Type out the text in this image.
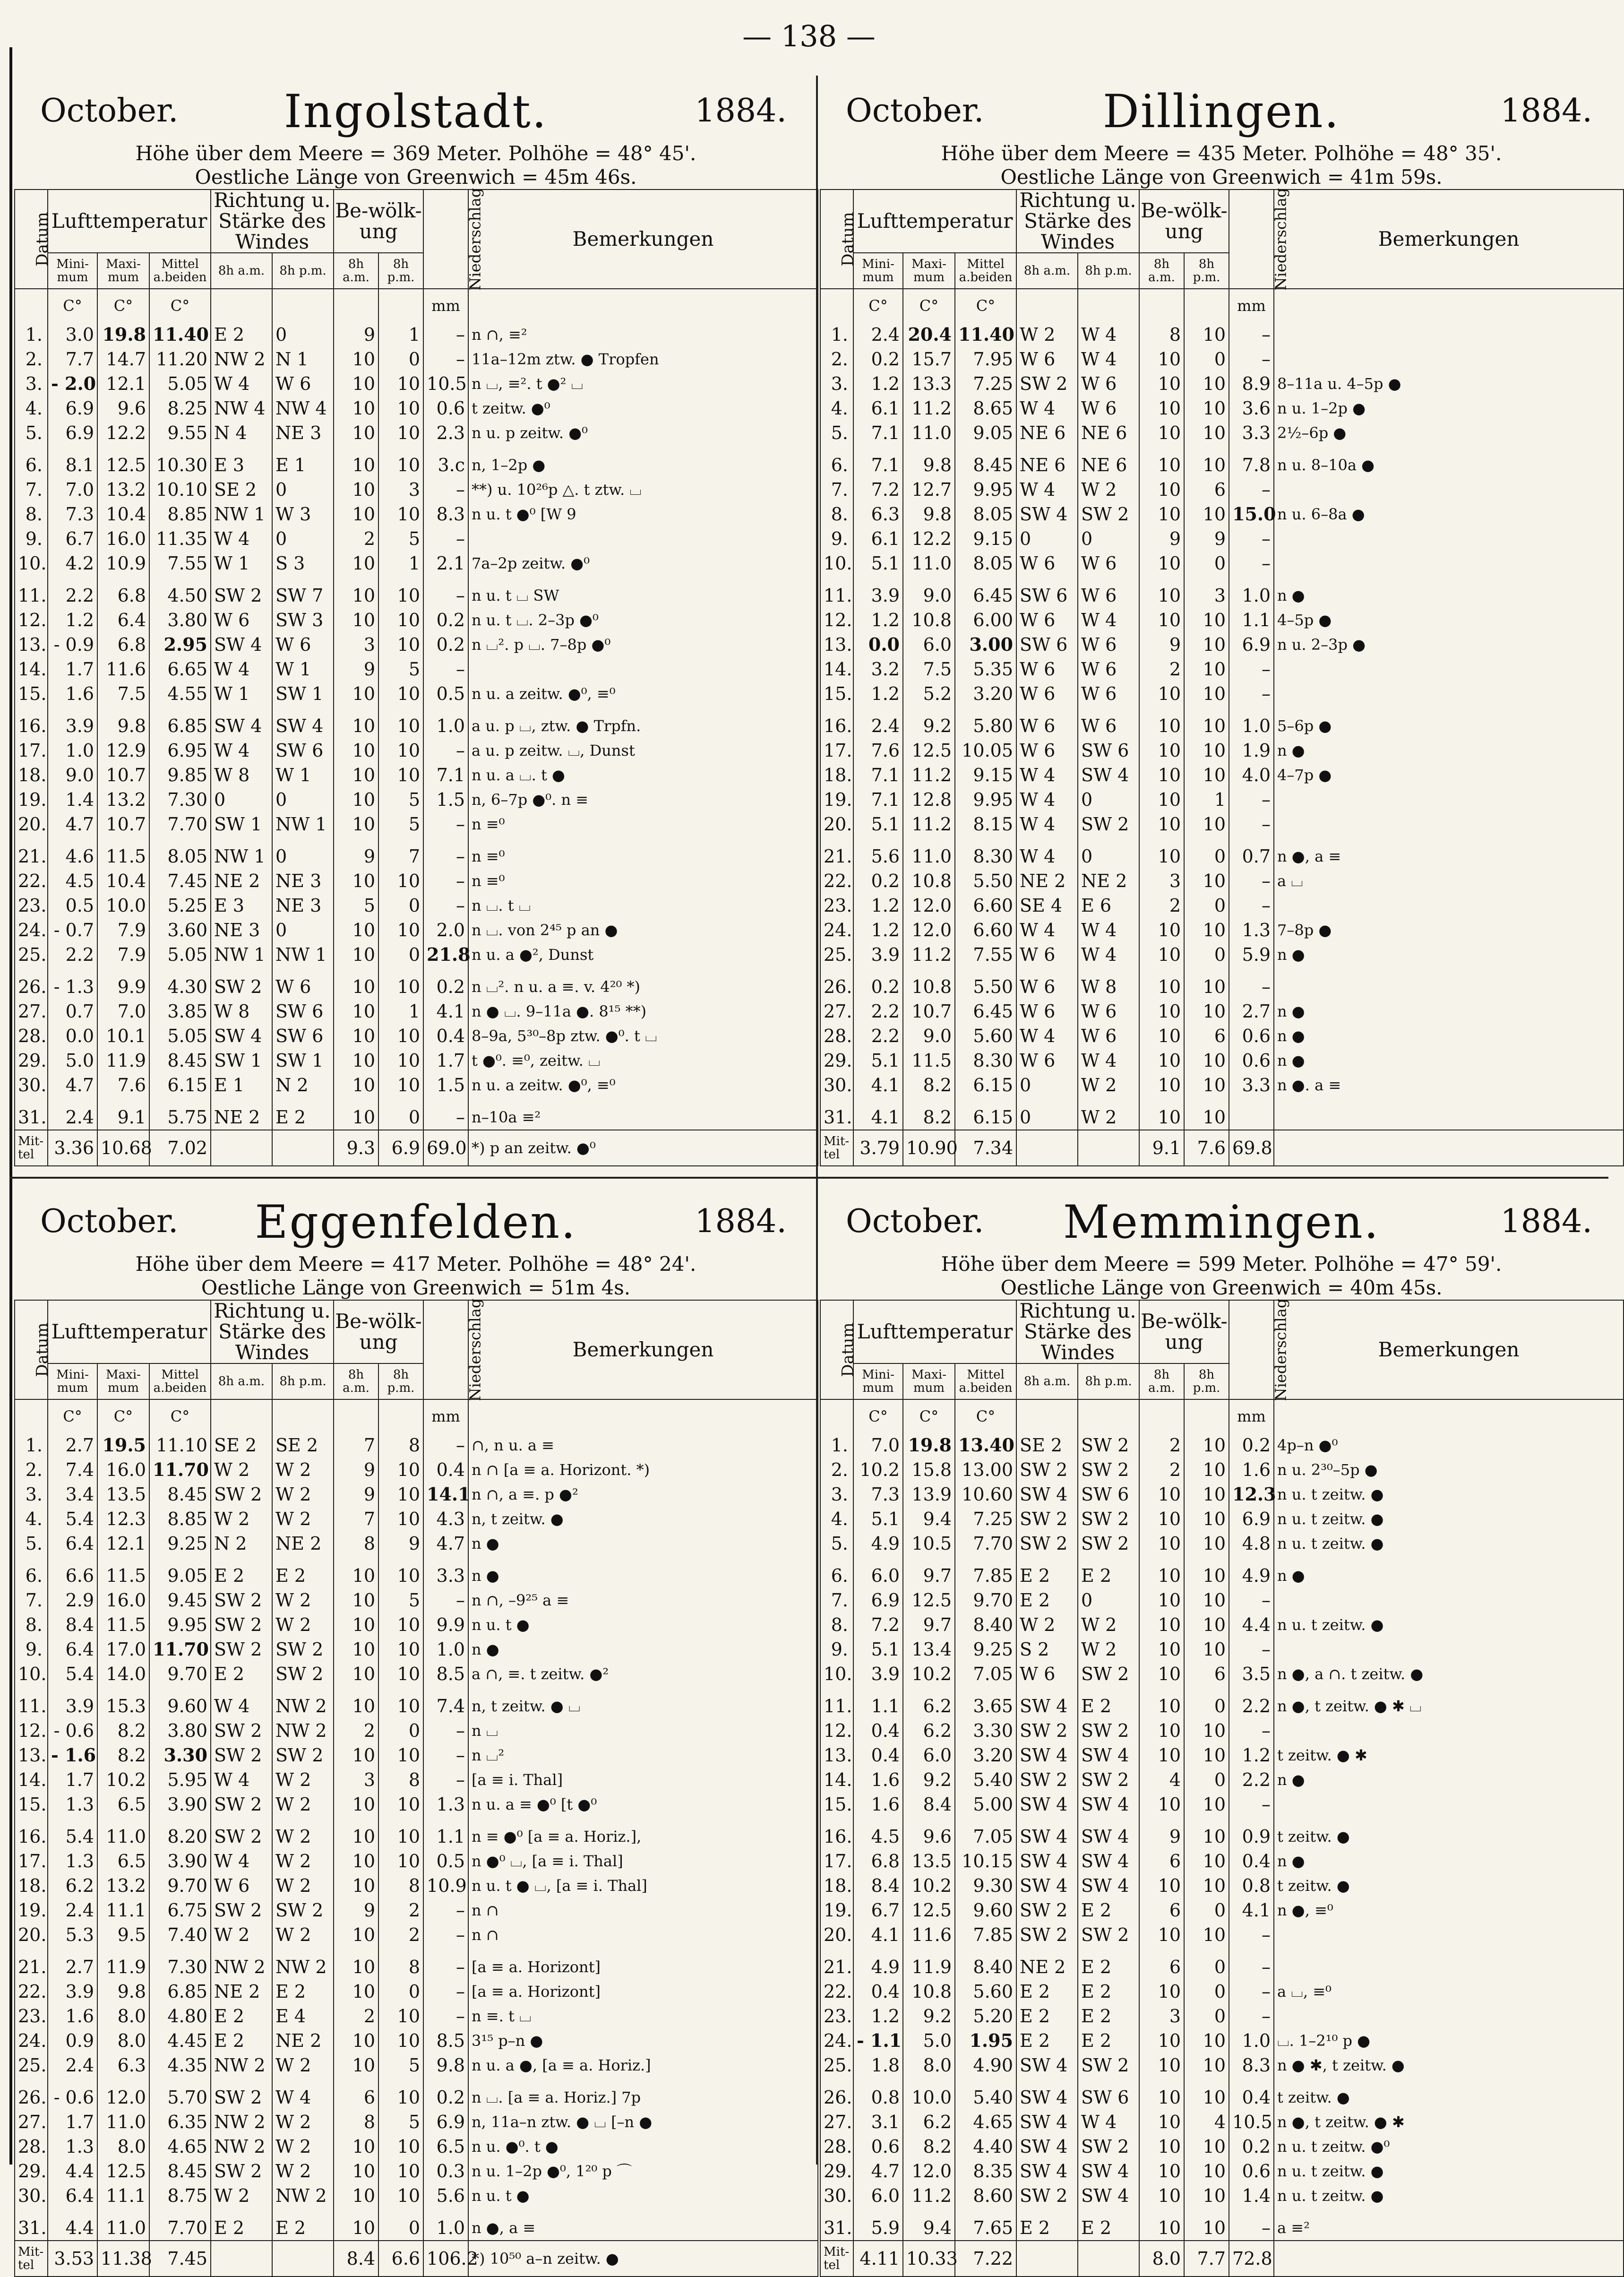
— 138 —
October.	Ingolstadt.	1884.
Höhe über dem Meere = 369 Meter. Polhöhe = 48° 45'.
Oestliche Länge von Greenwich = 45m 46s.
Datum	Lufttemperatur			Richtung u. Stärke des Windes		Be-wölk-ung		Niederschlag	Bemerkungen
	Mini-mum	Maxi-mum	Mittel a.beiden	8h a.m.	8h p.m.	8h a.m.	8h p.m.		
	C°	C°	C°					mm	
1.	3.0	19.8	11.40	E 2	0	9	1	–	n ∩, ≡²
2.	7.7	14.7	11.20	NW 2	N 1	10	0	–	11a–12m ztw. ● Tropfen
3.	- 2.0	12.1	5.05	W 4	W 6	10	10	10.5	n ⌴, ≡². t ●² ⌴
4.	6.9	9.6	8.25	NW 4	NW 4	10	10	0.6	t zeitw. ●⁰
5.	6.9	12.2	9.55	N 4	NE 3	10	10	2.3	n u. p zeitw. ●⁰

6.	8.1	12.5	10.30	E 3	E 1	10	10	3.c	n, 1–2p ●
7.	7.0	13.2	10.10	SE 2	0	10	3	–	**) u. 10²⁶p △. t ztw. ⌴
8.	7.3	10.4	8.85	NW 1	W 3	10	10	8.3	n u. t ●⁰ [W 9
9.	6.7	16.0	11.35	W 4	0	2	5	–	
10.	4.2	10.9	7.55	W 1	S 3	10	1	2.1	7a–2p zeitw. ●⁰

11.	2.2	6.8	4.50	SW 2	SW 7	10	10	–	n u. t ⌴ SW
12.	1.2	6.4	3.80	W 6	SW 3	10	10	0.2	n u. t ⌴. 2–3p ●⁰
13.	- 0.9	6.8	2.95	SW 4	W 6	3	10	0.2	n ⌴². p ⌴. 7–8p ●⁰
14.	1.7	11.6	6.65	W 4	W 1	9	5	–	
15.	1.6	7.5	4.55	W 1	SW 1	10	10	0.5	n u. a zeitw. ●⁰, ≡⁰

16.	3.9	9.8	6.85	SW 4	SW 4	10	10	1.0	a u. p ⌴, ztw. ● Trpfn.
17.	1.0	12.9	6.95	W 4	SW 6	10	10	–	a u. p zeitw. ⌴, Dunst
18.	9.0	10.7	9.85	W 8	W 1	10	10	7.1	n u. a ⌴. t ●
19.	1.4	13.2	7.30	0	0	10	5	1.5	n, 6–7p ●⁰. n ≡
20.	4.7	10.7	7.70	SW 1	NW 1	10	5	–	n ≡⁰

21.	4.6	11.5	8.05	NW 1	0	9	7	–	n ≡⁰
22.	4.5	10.4	7.45	NE 2	NE 3	10	10	–	n ≡⁰
23.	0.5	10.0	5.25	E 3	NE 3	5	0	–	n ⌴. t ⌴
24.	- 0.7	7.9	3.60	NE 3	0	10	10	2.0	n ⌴. von 2⁴⁵ p an ●
25.	2.2	7.9	5.05	NW 1	NW 1	10	0	21.8	n u. a ●², Dunst

26.	- 1.3	9.9	4.30	SW 2	W 6	10	10	0.2	n ⌴². n u. a ≡. v. 4²⁰ *)
27.	0.7	7.0	3.85	W 8	SW 6	10	1	4.1	n ● ⌴. 9–11a ●. 8¹⁵ **)
28.	0.0	10.1	5.05	SW 4	SW 6	10	10	0.4	8–9a, 5³⁰–8p ztw. ●⁰. t ⌴
29.	5.0	11.9	8.45	SW 1	SW 1	10	10	1.7	t ●⁰. ≡⁰, zeitw. ⌴
30.	4.7	7.6	6.15	E 1	N 2	10	10	1.5	n u. a zeitw. ●⁰, ≡⁰

31.	2.4	9.1	5.75	NE 2	E 2	10	0	–	n–10a ≡²
Mit-tel	3.36	10.68	7.02			9.3	6.9	69.0	*) p an zeitw. ●⁰
October.	Dillingen.	1884.
Höhe über dem Meere = 435 Meter. Polhöhe = 48° 35'.
Oestliche Länge von Greenwich = 41m 59s.
Datum	Lufttemperatur			Richtung u. Stärke des Windes		Be-wölk-ung		Niederschlag	Bemerkungen
	Mini-mum	Maxi-mum	Mittel a.beiden	8h a.m.	8h p.m.	8h a.m.	8h p.m.		
	C°	C°	C°					mm	
1.	2.4	20.4	11.40	W 2	W 4	8	10	–	
2.	0.2	15.7	7.95	W 6	W 4	10	0	–	
3.	1.2	13.3	7.25	SW 2	W 6	10	10	8.9	8–11a u. 4–5p ●
4.	6.1	11.2	8.65	W 4	W 6	10	10	3.6	n u. 1–2p ●
5.	7.1	11.0	9.05	NE 6	NE 6	10	10	3.3	2½–6p ●

6.	7.1	9.8	8.45	NE 6	NE 6	10	10	7.8	n u. 8–10a ●
7.	7.2	12.7	9.95	W 4	W 2	10	6	–	
8.	6.3	9.8	8.05	SW 4	SW 2	10	10	15.0	n u. 6–8a ●
9.	6.1	12.2	9.15	0	0	9	9	–	
10.	5.1	11.0	8.05	W 6	W 6	10	0	–	

11.	3.9	9.0	6.45	SW 6	W 6	10	3	1.0	n ●
12.	1.2	10.8	6.00	W 6	W 4	10	10	1.1	4–5p ●
13.	0.0	6.0	3.00	SW 6	W 6	9	10	6.9	n u. 2–3p ●
14.	3.2	7.5	5.35	W 6	W 6	2	10	–	
15.	1.2	5.2	3.20	W 6	W 6	10	10	–	

16.	2.4	9.2	5.80	W 6	W 6	10	10	1.0	5–6p ●
17.	7.6	12.5	10.05	W 6	SW 6	10	10	1.9	n ●
18.	7.1	11.2	9.15	W 4	SW 4	10	10	4.0	4–7p ●
19.	7.1	12.8	9.95	W 4	0	10	1	–	
20.	5.1	11.2	8.15	W 4	SW 2	10	10	–	

21.	5.6	11.0	8.30	W 4	0	10	0	0.7	n ●, a ≡
22.	0.2	10.8	5.50	NE 2	NE 2	3	10	–	a ⌴
23.	1.2	12.0	6.60	SE 4	E 6	2	0	–	
24.	1.2	12.0	6.60	W 4	W 4	10	10	1.3	7–8p ●
25.	3.9	11.2	7.55	W 6	W 4	10	0	5.9	n ●

26.	0.2	10.8	5.50	W 6	W 8	10	10	–	
27.	2.2	10.7	6.45	W 6	W 6	10	10	2.7	n ●
28.	2.2	9.0	5.60	W 4	W 6	10	6	0.6	n ●
29.	5.1	11.5	8.30	W 6	W 4	10	10	0.6	n ●
30.	4.1	8.2	6.15	0	W 2	10	10	3.3	n ●. a ≡

31.	4.1	8.2	6.15	0	W 2	10	10		
Mit-tel	3.79	10.90	7.34			9.1	7.6	69.8	
October.	Eggenfelden.	1884.
Höhe über dem Meere = 417 Meter. Polhöhe = 48° 24'.
Oestliche Länge von Greenwich = 51m 4s.
Datum	Lufttemperatur			Richtung u. Stärke des Windes		Be-wölk-ung		Niederschlag	Bemerkungen
	Mini-mum	Maxi-mum	Mittel a.beiden	8h a.m.	8h p.m.	8h a.m.	8h p.m.		
	C°	C°	C°					mm	
1.	2.7	19.5	11.10	SE 2	SE 2	7	8	–	∩, n u. a ≡
2.	7.4	16.0	11.70	W 2	W 2	9	10	0.4	n ∩ [a ≡ a. Horizont. *)
3.	3.4	13.5	8.45	SW 2	W 2	9	10	14.1	n ∩, a ≡. p ●²
4.	5.4	12.3	8.85	W 2	W 2	7	10	4.3	n, t zeitw. ●
5.	6.4	12.1	9.25	N 2	NE 2	8	9	4.7	n ●

6.	6.6	11.5	9.05	E 2	E 2	10	10	3.3	n ●
7.	2.9	16.0	9.45	SW 2	W 2	10	5	–	n ∩, –9²⁵ a ≡
8.	8.4	11.5	9.95	SW 2	W 2	10	10	9.9	n u. t ●
9.	6.4	17.0	11.70	SW 2	SW 2	10	10	1.0	n ●
10.	5.4	14.0	9.70	E 2	SW 2	10	10	8.5	a ∩, ≡. t zeitw. ●²

11.	3.9	15.3	9.60	W 4	NW 2	10	10	7.4	n, t zeitw. ● ⌴
12.	- 0.6	8.2	3.80	SW 2	NW 2	2	0	–	n ⌴
13.	- 1.6	8.2	3.30	SW 2	SW 2	10	10	–	n ⌴²
14.	1.7	10.2	5.95	W 4	W 2	3	8	–	[a ≡ i. Thal]
15.	1.3	6.5	3.90	SW 2	W 2	10	10	1.3	n u. a ≡ ●⁰ [t ●⁰

16.	5.4	11.0	8.20	SW 2	W 2	10	10	1.1	n ≡ ●⁰ [a ≡ a. Horiz.],
17.	1.3	6.5	3.90	W 4	W 2	10	10	0.5	n ●⁰ ⌴, [a ≡ i. Thal]
18.	6.2	13.2	9.70	W 6	W 2	10	8	10.9	n u. t ● ⌴, [a ≡ i. Thal]
19.	2.4	11.1	6.75	SW 2	SW 2	9	2	–	n ∩
20.	5.3	9.5	7.40	W 2	W 2	10	2	–	n ∩

21.	2.7	11.9	7.30	NW 2	NW 2	10	8	–	[a ≡ a. Horizont]
22.	3.9	9.8	6.85	NE 2	E 2	10	0	–	[a ≡ a. Horizont]
23.	1.6	8.0	4.80	E 2	E 4	2	10	–	n ≡. t ⌴
24.	0.9	8.0	4.45	E 2	NE 2	10	10	8.5	3¹⁵ p–n ●
25.	2.4	6.3	4.35	NW 2	W 2	10	5	9.8	n u. a ●, [a ≡ a. Horiz.]

26.	- 0.6	12.0	5.70	SW 2	W 4	6	10	0.2	n ⌴. [a ≡ a. Horiz.] 7p
27.	1.7	11.0	6.35	NW 2	W 2	8	5	6.9	n, 11a–n ztw. ● ⌴ [–n ●
28.	1.3	8.0	4.65	NW 2	W 2	10	10	6.5	n u. ●⁰. t ●
29.	4.4	12.5	8.45	SW 2	W 2	10	10	0.3	n u. 1–2p ●⁰, 1²⁰ p ⌒
30.	6.4	11.1	8.75	W 2	NW 2	10	10	5.6	n u. t ●

31.	4.4	11.0	7.70	E 2	E 2	10	0	1.0	n ●, a ≡
Mit-tel	3.53	11.38	7.45			8.4	6.6	106.2	*) 10⁵⁰ a–n zeitw. ●
October.	Memmingen.	1884.
Höhe über dem Meere = 599 Meter. Polhöhe = 47° 59'.
Oestliche Länge von Greenwich = 40m 45s.
Datum	Lufttemperatur			Richtung u. Stärke des Windes		Be-wölk-ung		Niederschlag	Bemerkungen
	Mini-mum	Maxi-mum	Mittel a.beiden	8h a.m.	8h p.m.	8h a.m.	8h p.m.		
	C°	C°	C°					mm	
1.	7.0	19.8	13.40	SE 2	SW 2	2	10	0.2	4p–n ●⁰
2.	10.2	15.8	13.00	SW 2	SW 2	2	10	1.6	n u. 2³⁰–5p ●
3.	7.3	13.9	10.60	SW 4	SW 6	10	10	12.3	n u. t zeitw. ●
4.	5.1	9.4	7.25	SW 2	SW 2	10	10	6.9	n u. t zeitw. ●
5.	4.9	10.5	7.70	SW 2	SW 2	10	10	4.8	n u. t zeitw. ●

6.	6.0	9.7	7.85	E 2	E 2	10	10	4.9	n ●
7.	6.9	12.5	9.70	E 2	0	10	10	–	
8.	7.2	9.7	8.40	W 2	W 2	10	10	4.4	n u. t zeitw. ●
9.	5.1	13.4	9.25	S 2	W 2	10	10	–	
10.	3.9	10.2	7.05	W 6	SW 2	10	6	3.5	n ●, a ∩. t zeitw. ●

11.	1.1	6.2	3.65	SW 4	E 2	10	0	2.2	n ●, t zeitw. ● ✱ ⌴
12.	0.4	6.2	3.30	SW 2	SW 2	10	10	–	
13.	0.4	6.0	3.20	SW 4	SW 4	10	10	1.2	t zeitw. ● ✱
14.	1.6	9.2	5.40	SW 2	SW 2	4	0	2.2	n ●
15.	1.6	8.4	5.00	SW 4	SW 4	10	10	–	

16.	4.5	9.6	7.05	SW 4	SW 4	9	10	0.9	t zeitw. ●
17.	6.8	13.5	10.15	SW 4	SW 4	6	10	0.4	n ●
18.	8.4	10.2	9.30	SW 4	SW 4	10	10	0.8	t zeitw. ●
19.	6.7	12.5	9.60	SW 2	E 2	6	0	4.1	n ●, ≡⁰
20.	4.1	11.6	7.85	SW 2	SW 2	10	10	–	

21.	4.9	11.9	8.40	NE 2	E 2	6	0	–	
22.	0.4	10.8	5.60	E 2	E 2	10	0	–	a ⌴, ≡⁰
23.	1.2	9.2	5.20	E 2	E 2	3	0	–	
24.	- 1.1	5.0	1.95	E 2	E 2	10	10	1.0	⌴. 1–2¹⁰ p ●
25.	1.8	8.0	4.90	SW 4	SW 2	10	10	8.3	n ● ✱, t zeitw. ●

26.	0.8	10.0	5.40	SW 4	SW 6	10	10	0.4	t zeitw. ●
27.	3.1	6.2	4.65	SW 4	W 4	10	4	10.5	n ●, t zeitw. ● ✱
28.	0.6	8.2	4.40	SW 4	SW 2	10	10	0.2	n u. t zeitw. ●⁰
29.	4.7	12.0	8.35	SW 4	SW 4	10	10	0.6	n u. t zeitw. ●
30.	6.0	11.2	8.60	SW 2	SW 4	10	10	1.4	n u. t zeitw. ●

31.	5.9	9.4	7.65	E 2	E 2	10	10	–	a ≡²
Mit-tel	4.11	10.33	7.22			8.0	7.7	72.8	
